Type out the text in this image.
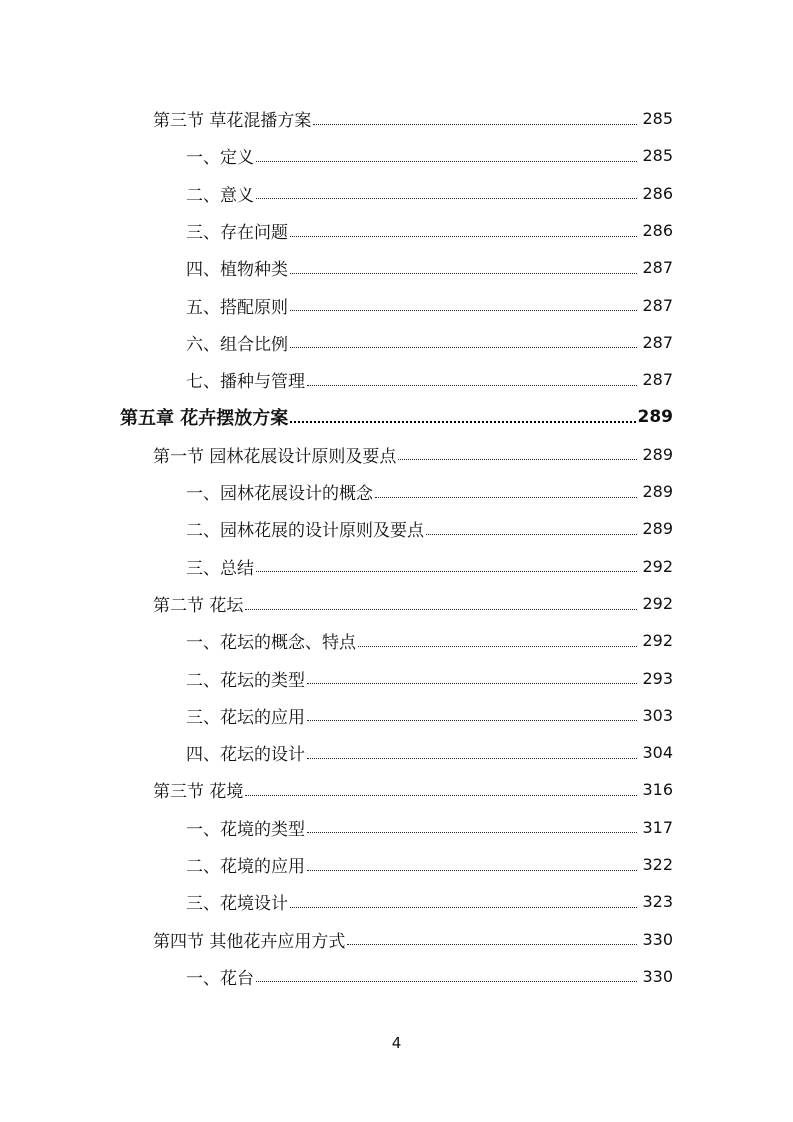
第三节 草花混播方案	285
一、定义	285
二、意义	286
三、存在问题	286
四、植物种类	287
五、搭配原则	287
六、组合比例	287
七、播种与管理	287
第五章 花卉摆放方案	289
第一节 园林花展设计原则及要点	289
一、园林花展设计的概念	289
二、园林花展的设计原则及要点	289
三、总结	292
第二节 花坛	292
一、花坛的概念、特点	292
二、花坛的类型	293
三、花坛的应用	303
四、花坛的设计	304
第三节 花境	316
一、花境的类型	317
二、花境的应用	322
三、花境设计	323
第四节 其他花卉应用方式	330
一、花台	330
4
